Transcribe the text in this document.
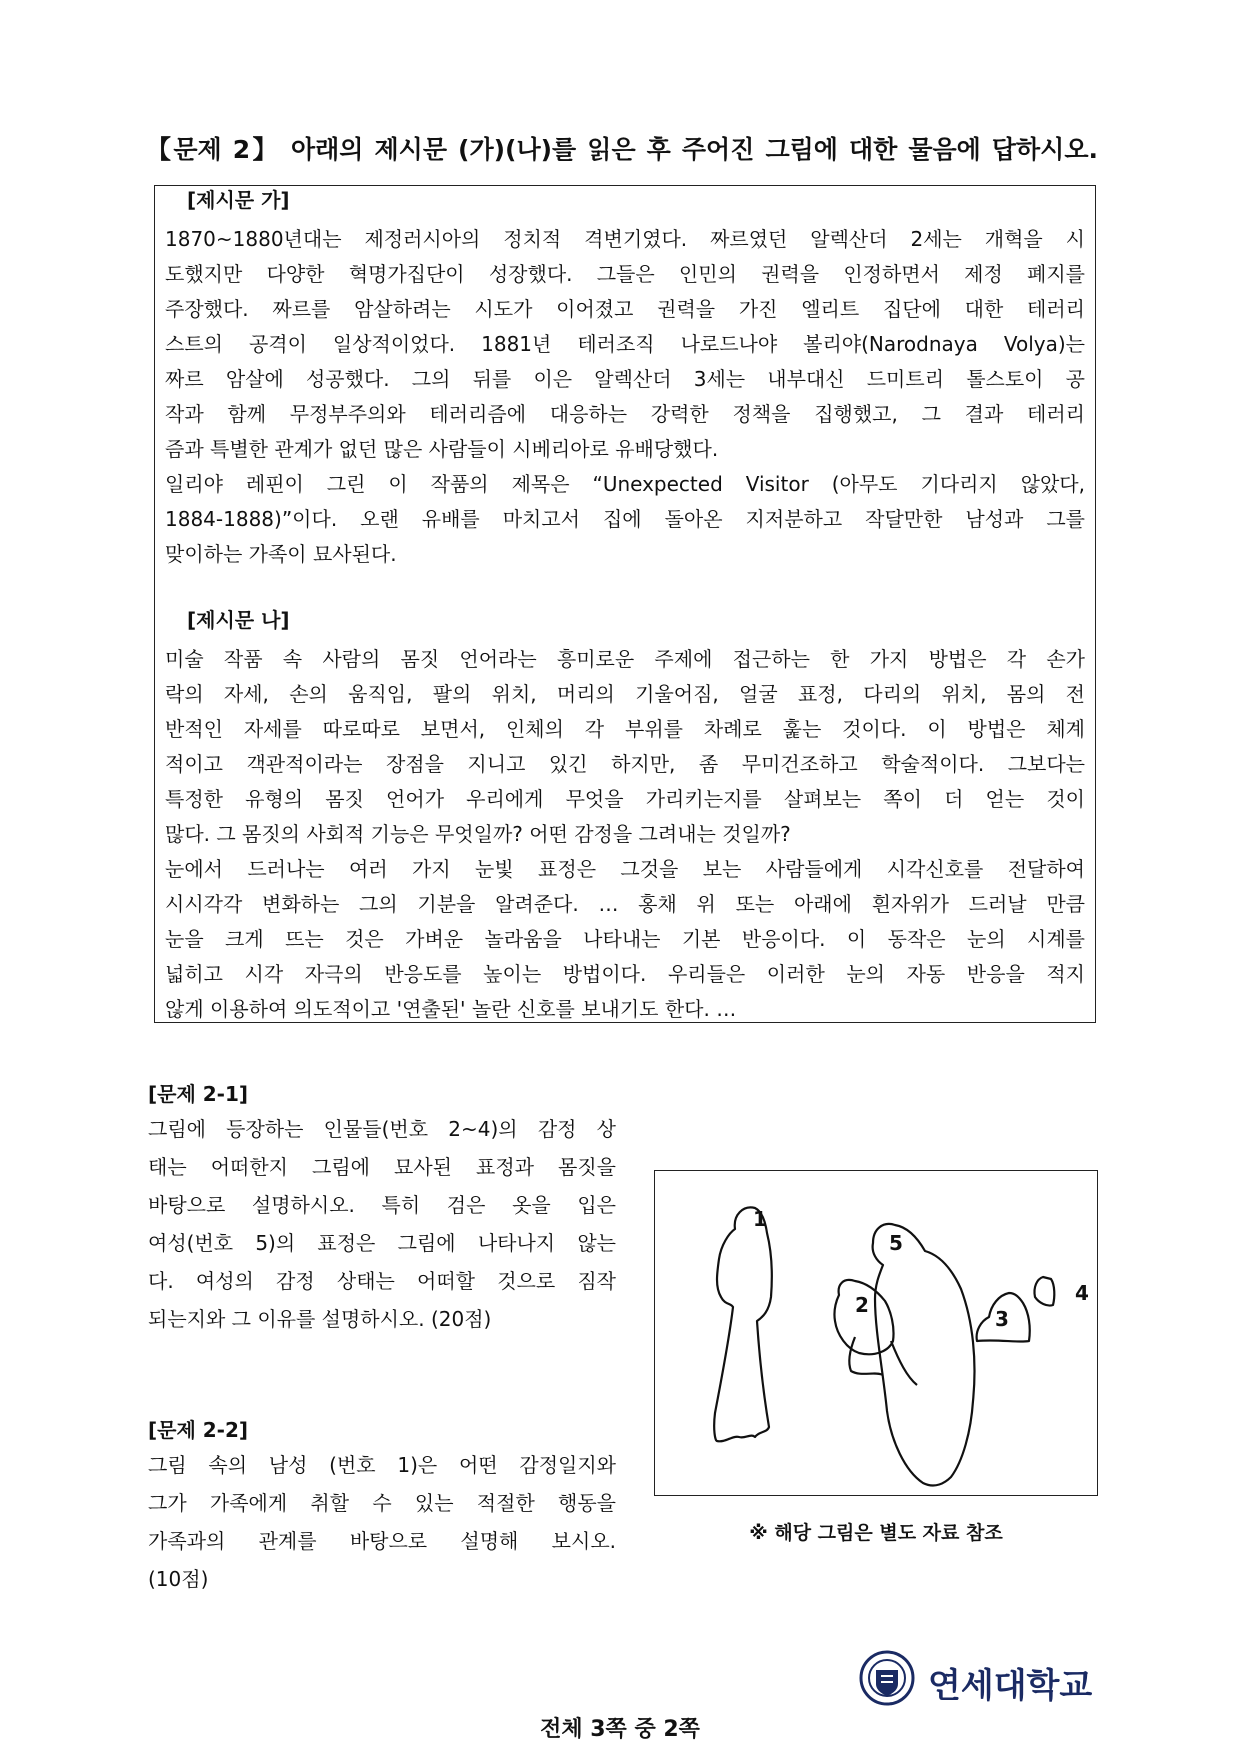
【문제 2】 아래의 제시문 (가)(나)를 읽은 후 주어진 그림에 대한 물음에 답하시오.
[제시문 가]
1870~1880년대는 제정러시아의 정치적 격변기였다. 짜르였던 알렉산더 2세는 개혁을 시
도했지만 다양한 혁명가집단이 성장했다. 그들은 인민의 권력을 인정하면서 제정 폐지를
주장했다. 짜르를 암살하려는 시도가 이어졌고 권력을 가진 엘리트 집단에 대한 테러리
스트의 공격이 일상적이었다. 1881년 테러조직 나로드나야 볼리야(Narodnaya Volya)는
짜르 암살에 성공했다. 그의 뒤를 이은 알렉산더 3세는 내부대신 드미트리 톨스토이 공
작과 함께 무정부주의와 테러리즘에 대응하는 강력한 정책을 집행했고, 그 결과 테러리
즘과 특별한 관계가 없던 많은 사람들이 시베리아로 유배당했다.
일리야 레핀이 그린 이 작품의 제목은 “Unexpected Visitor (아무도 기다리지 않았다,
1884-1888)”이다. 오랜 유배를 마치고서 집에 돌아온 지저분하고 작달만한 남성과 그를
맞이하는 가족이 묘사된다.
[제시문 나]
미술 작품 속 사람의 몸짓 언어라는 흥미로운 주제에 접근하는 한 가지 방법은 각 손가
락의 자세, 손의 움직임, 팔의 위치, 머리의 기울어짐, 얼굴 표정, 다리의 위치, 몸의 전
반적인 자세를 따로따로 보면서, 인체의 각 부위를 차례로 훑는 것이다. 이 방법은 체계
적이고 객관적이라는 장점을 지니고 있긴 하지만, 좀 무미건조하고 학술적이다. 그보다는
특정한 유형의 몸짓 언어가 우리에게 무엇을 가리키는지를 살펴보는 쪽이 더 얻는 것이
많다. 그 몸짓의 사회적 기능은 무엇일까? 어떤 감정을 그려내는 것일까?
눈에서 드러나는 여러 가지 눈빛 표정은 그것을 보는 사람들에게 시각신호를 전달하여
시시각각 변화하는 그의 기분을 알려준다. … 홍채 위 또는 아래에 흰자위가 드러날 만큼
눈을 크게 뜨는 것은 가벼운 놀라움을 나타내는 기본 반응이다. 이 동작은 눈의 시계를
넓히고 시각 자극의 반응도를 높이는 방법이다. 우리들은 이러한 눈의 자동 반응을 적지
않게 이용하여 의도적이고 '연출된' 놀란 신호를 보내기도 한다. …
[문제 2-1]
그림에 등장하는 인물들(번호 2~4)의 감정 상
태는 어떠한지 그림에 묘사된 표정과 몸짓을
바탕으로 설명하시오. 특히 검은 옷을 입은
여성(번호 5)의 표정은 그림에 나타나지 않는
다. 여성의 감정 상태는 어떠할 것으로 짐작
되는지와 그 이유를 설명하시오. (20점)
[문제 2-2]
그림 속의 남성 (번호 1)은 어떤 감정일지와
그가 가족에게 취할 수 있는 적절한 행동을
가족과의 관계를 바탕으로 설명해 보시오.
(10점)
1
5
2
3
4
※ 해당 그림은 별도 자료 참조
연세대학교
전체 3쪽 중 2쪽
